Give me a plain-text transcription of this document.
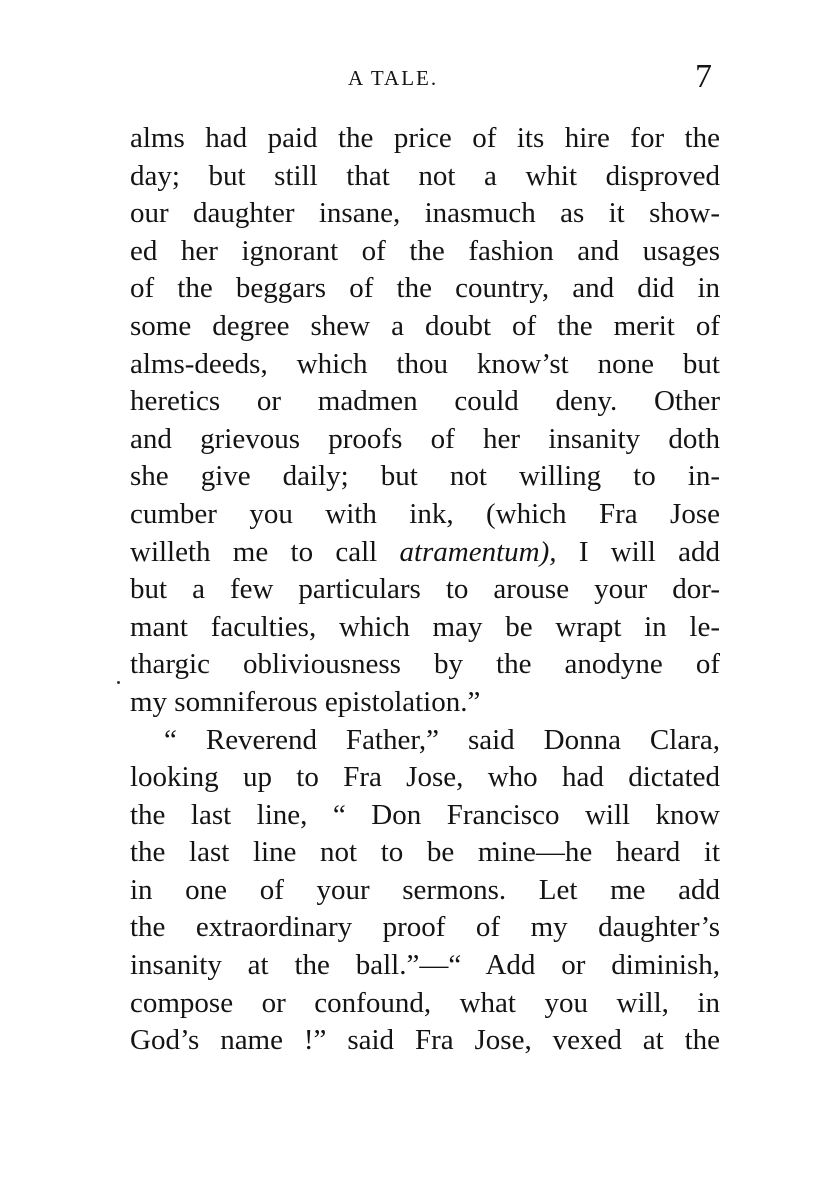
A TALE.	7
alms had paid the price of its hire for the
day; but still that not a whit disproved
our daughter insane, inasmuch as it show-
ed her ignorant of the fashion and usages
of the beggars of the country, and did in
some degree shew a doubt of the merit of
alms-deeds, which thou know’st none but
heretics or madmen could deny. Other
and grievous proofs of her insanity doth
she give daily; but not willing to in-
cumber you with ink, (which Fra Jose
willeth me to call atramentum), I will add
but a few particulars to arouse your dor-
mant faculties, which may be wrapt in le-
thargic obliviousness by the anodyne of
my somniferous epistolation.”
“ Reverend Father,” said Donna Clara,
looking up to Fra Jose, who had dictated
the last line, “ Don Francisco will know
the last line not to be mine—he heard it
in one of your sermons. Let me add
the extraordinary proof of my daughter’s
insanity at the ball.”—“ Add or diminish,
compose or confound, what you will, in
God’s name !” said Fra Jose, vexed at the
